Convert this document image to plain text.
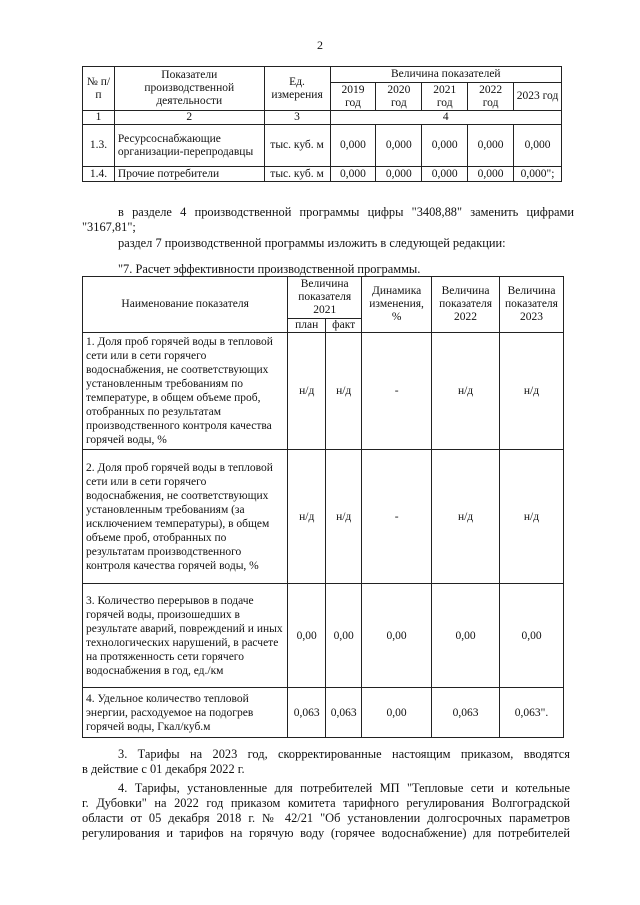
2
№ п/п	Показатели производственной деятельности	Ед. измерения	Величина показателей				
			2019 год	2020 год	2021 год	2022 год	2023 год
1	2	3	4				
1.3.	Ресурсоснабжающие организации-перепродавцы	тыс. куб. м	0,000	0,000	0,000	0,000	0,000
1.4.	Прочие потребители	тыс. куб. м	0,000	0,000	0,000	0,000	0,000";
в разделе 4 производственной программы цифры "3408,88" заменить цифрами
"3167,81";
раздел 7 производственной программы изложить в следующей редакции:
"7. Расчет эффективности производственной программы.
Наименование показателя	Величина показателя 2021		Динамика изменения, %	Величина показателя 2022	Величина показателя 2023
	план	факт			
1. Доля проб горячей воды в тепловой сети или в сети горячего водоснабжения, не соответствующих установленным требованиям по температуре, в общем объеме проб, отобранных по результатам производственного контроля качества горячей воды, %	н/д	н/д	-	н/д	н/д
2. Доля проб горячей воды в тепловой сети или в сети горячего водоснабжения, не соответствующих установленным требованиям (за исключением температуры), в общем объеме проб, отобранных по результатам производственного контроля качества горячей воды, %	н/д	н/д	-	н/д	н/д
3. Количество перерывов в подаче горячей воды, произошедших в результате аварий, повреждений и иных технологических нарушений, в расчете на протяженность сети горячего водоснабжения в год, ед./км	0,00	0,00	0,00	0,00	0,00
4. Удельное количество тепловой энергии, расходуемое на подогрев горячей воды, Гкал/куб.м	0,063	0,063	0,00	0,063	0,063".
3. Тарифы на 2023 год, скорректированные настоящим приказом, вводятся
в действие с 01 декабря 2022 г.
4. Тарифы, установленные для потребителей МП "Тепловые сети и котельные
г. Дубовки" на 2022 год приказом комитета тарифного регулирования Волгоградской
области от 05 декабря 2018 г. № 42/21 "Об установлении долгосрочных параметров
регулирования и тарифов на горячую воду (горячее водоснабжение) для потребителей
